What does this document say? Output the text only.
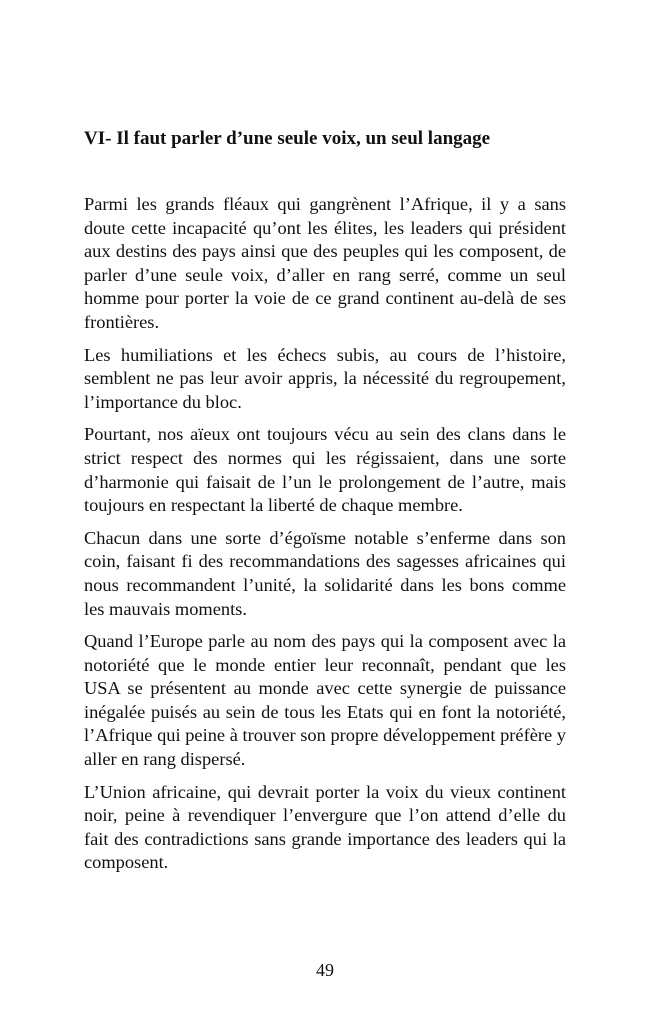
VI- Il faut parler d’une seule voix, un seul langage

Parmi les grands fléaux qui gangrènent l’Afrique, il y a sans doute cette incapacité qu’ont les élites, les leaders qui président aux destins des pays ainsi que des peuples qui les composent, de parler d’une seule voix, d’aller en rang serré, comme un seul homme pour porter la voie de ce grand continent au-delà de ses frontières.

Les humiliations et les échecs subis, au cours de l’histoire, semblent ne pas leur avoir appris, la nécessité du regroupement, l’importance du bloc.

Pourtant, nos aïeux ont toujours vécu au sein des clans dans le strict respect des normes qui les régissaient, dans une sorte d’harmonie qui faisait de l’un le prolongement de l’autre, mais toujours en respectant la liberté de chaque membre.

Chacun dans une sorte d’égoïsme notable s’enferme dans son coin, faisant fi des recommandations des sagesses africaines qui nous recommandent l’unité, la solidarité dans les bons comme les mauvais moments.

Quand l’Europe parle au nom des pays qui la composent avec la notoriété que le monde entier leur reconnaît, pendant que les USA se présentent au monde avec cette synergie de puissance inégalée puisés au sein de tous les Etats qui en font la notoriété, l’Afrique qui peine à trouver son propre développement préfère y aller en rang dispersé.

L’Union africaine, qui devrait porter la voix du vieux continent noir, peine à revendiquer l’envergure que l’on attend d’elle du fait des contradictions sans grande importance des leaders qui la composent.

49
